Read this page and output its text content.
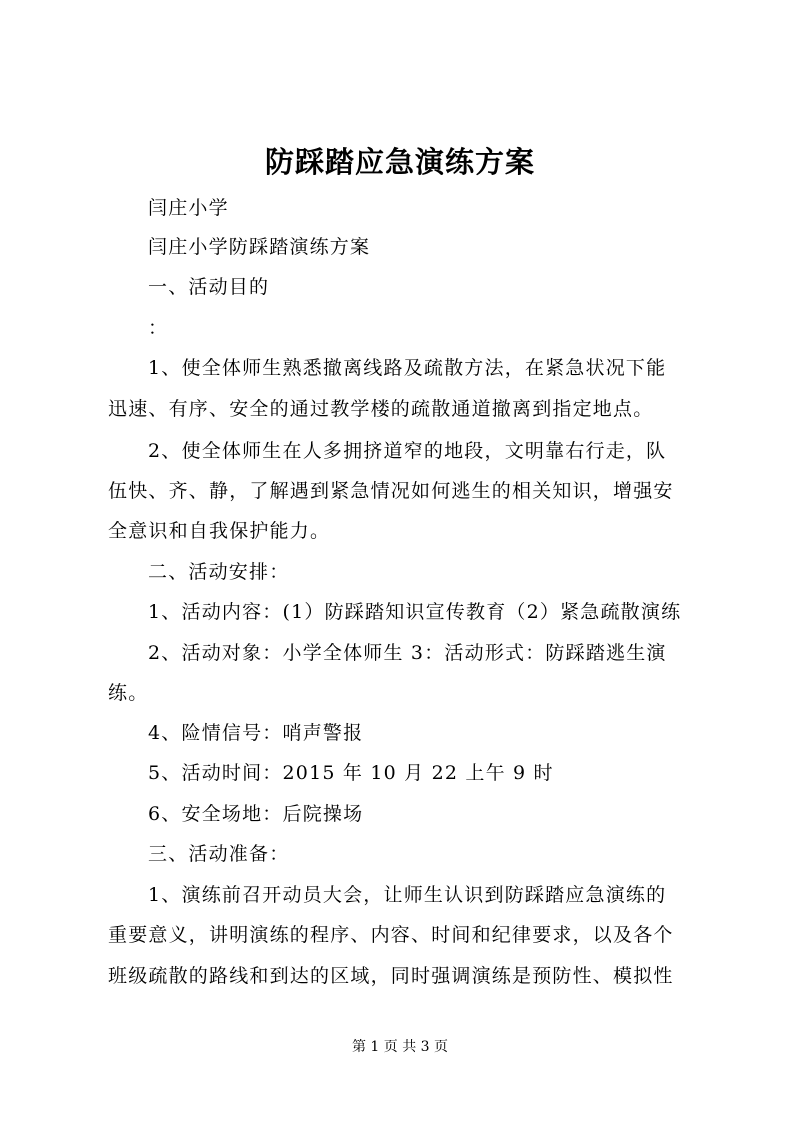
防踩踏应急演练方案
闫庄小学
闫庄小学防踩踏演练方案
一、活动目的
：
1、使全体师生熟悉撤离线路及疏散方法，在紧急状况下能
迅速、有序、安全的通过教学楼的疏散通道撤离到指定地点。
2、使全体师生在人多拥挤道窄的地段，文明靠右行走，队
伍快、齐、静，了解遇到紧急情况如何逃生的相关知识，增强安
全意识和自我保护能力。
二、活动安排：
1、活动内容：(1）防踩踏知识宣传教育（2）紧急疏散演练
2、活动对象：小学全体师生 3：活动形式：防踩踏逃生演
练。
4、险情信号：哨声警报
5、活动时间：2015 年 10 月 22 上午 9 时
6、安全场地：后院操场
三、活动准备：
1、演练前召开动员大会，让师生认识到防踩踏应急演练的
重要意义，讲明演练的程序、内容、时间和纪律要求，以及各个
班级疏散的路线和到达的区域，同时强调演练是预防性、模拟性
第 1 页 共 3 页
